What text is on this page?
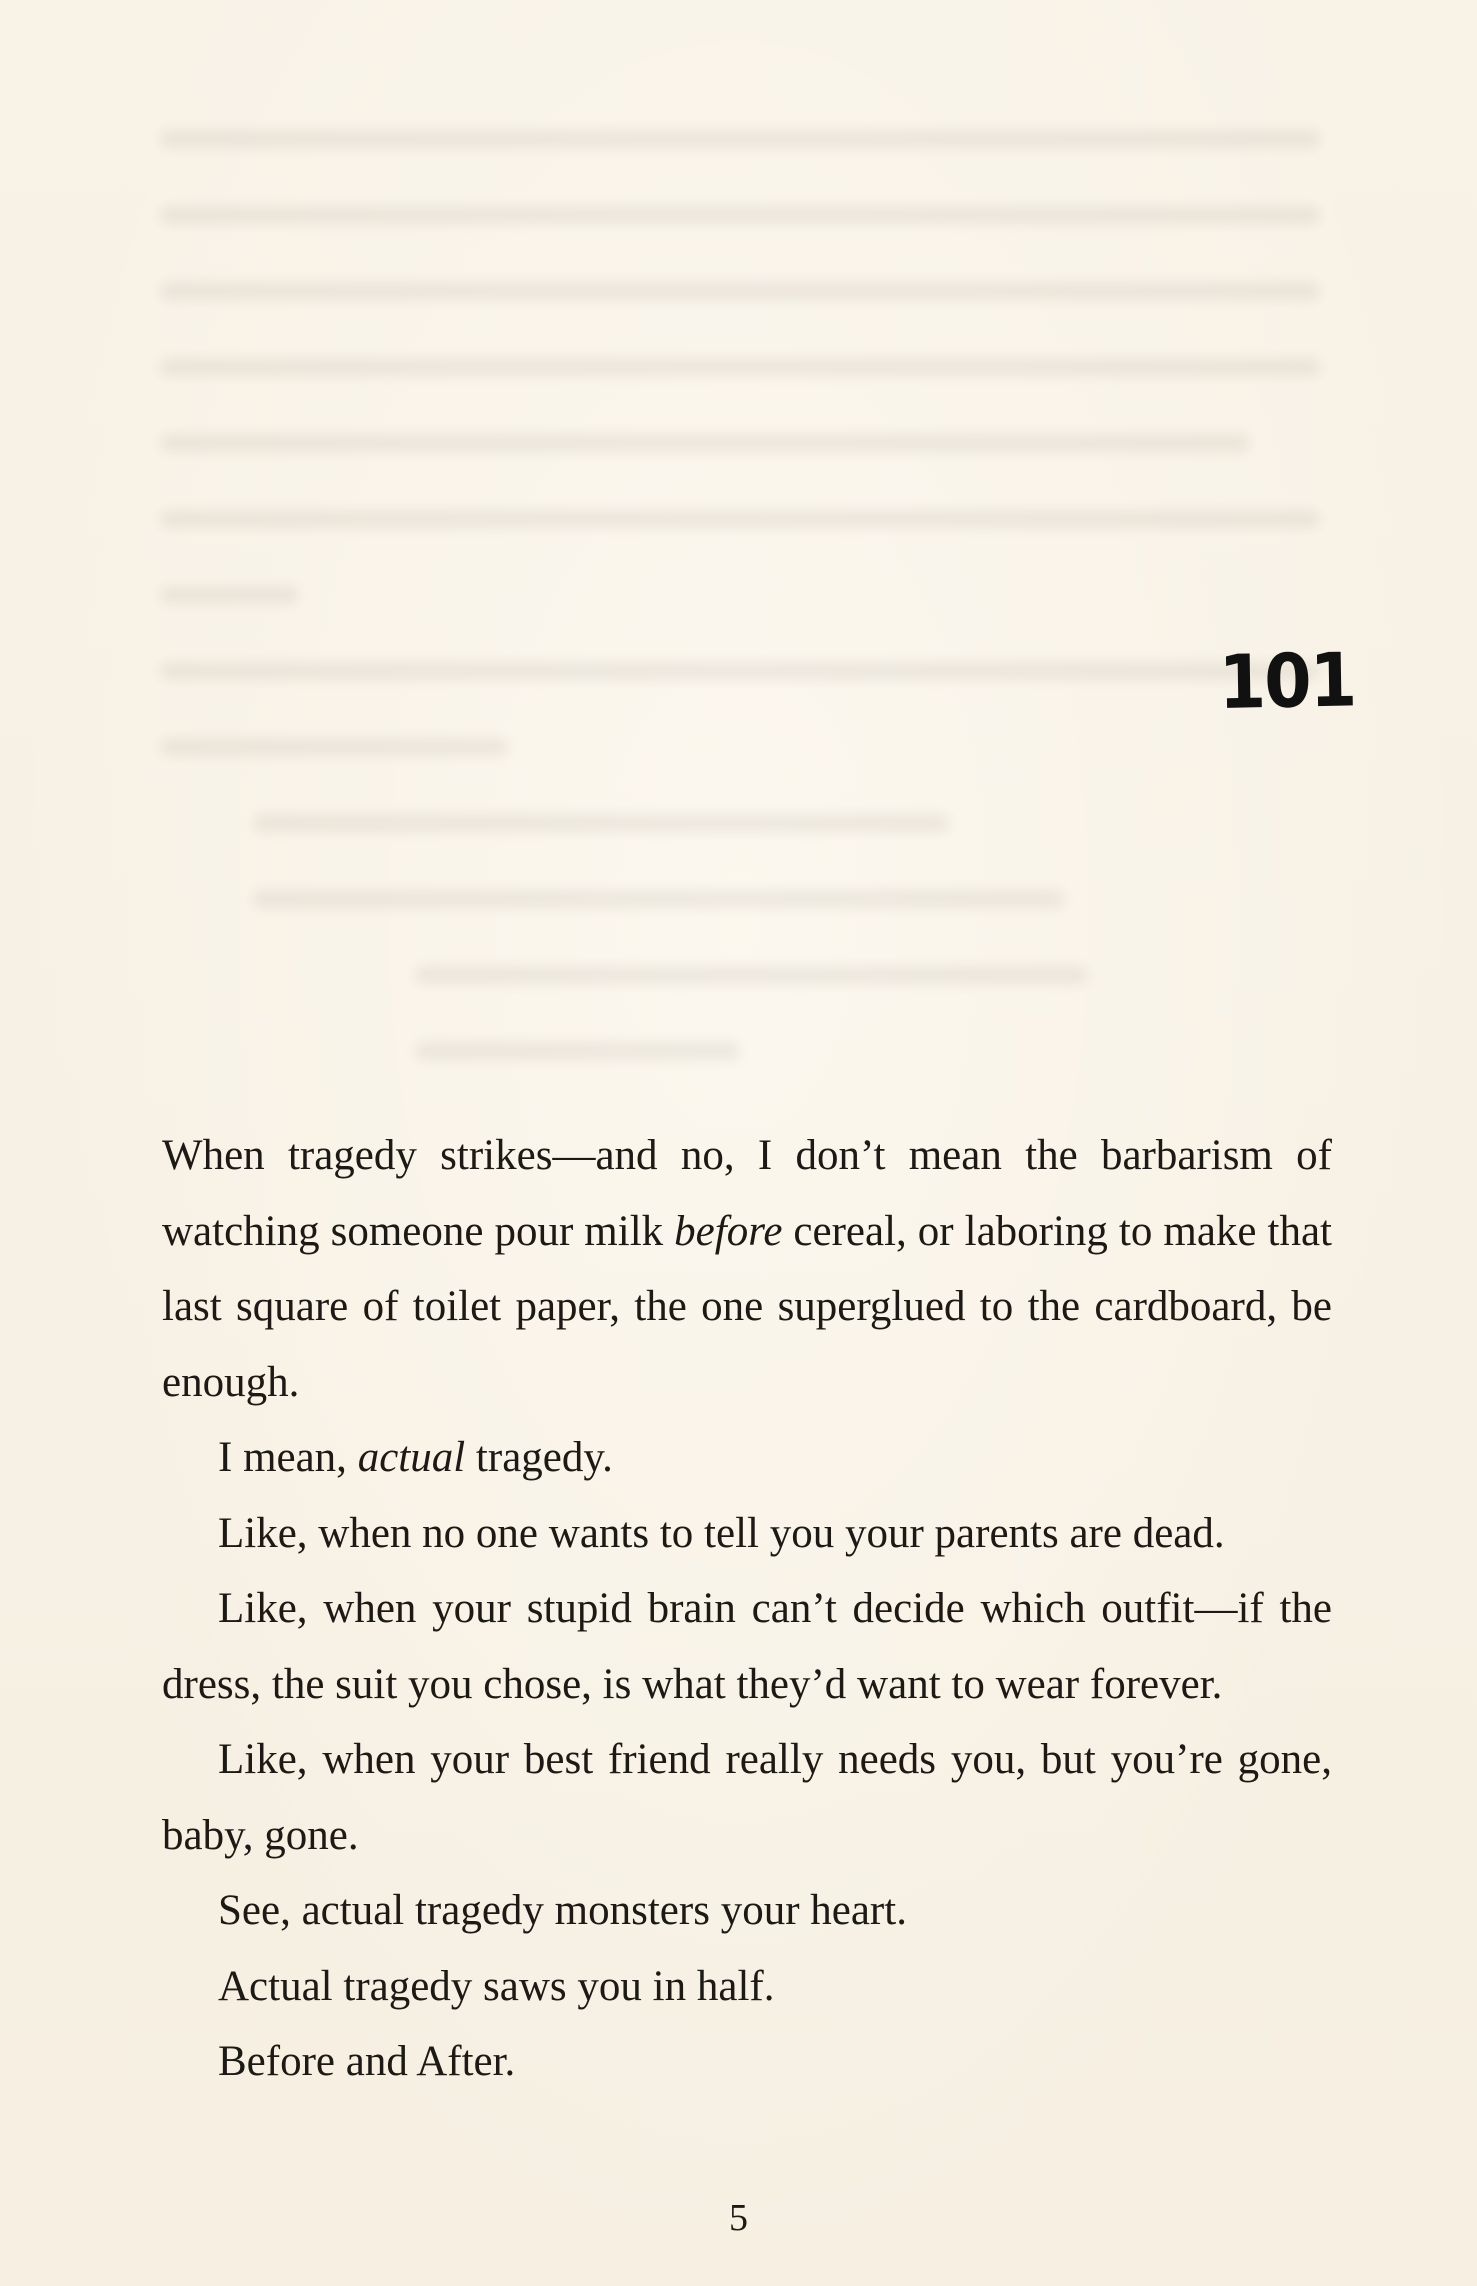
101

When tragedy strikes—and no, I don’t mean the barbarism of watching someone pour milk before cereal, or laboring to make that last square of toilet paper, the one superglued to the cardboard, be enough.

I mean, actual tragedy.

Like, when no one wants to tell you your parents are dead.

Like, when your stupid brain can’t decide which outfit—if the dress, the suit you chose, is what they’d want to wear forever.

Like, when your best friend really needs you, but you’re gone, baby, gone.

See, actual tragedy monsters your heart.

Actual tragedy saws you in half.

Before and After.

5
